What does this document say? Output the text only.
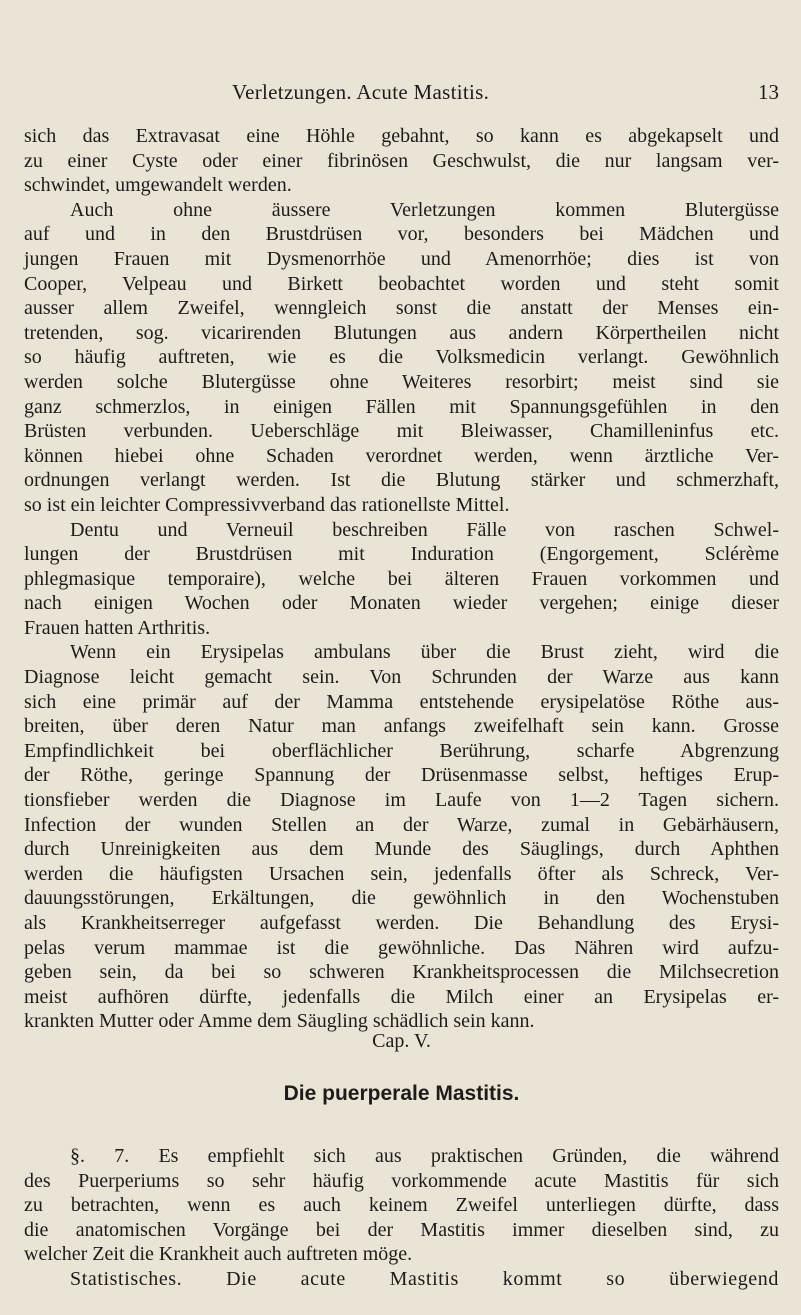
Verletzungen. Acute Mastitis.	13

sich das Extravasat eine Höhle gebahnt, so kann es abgekapselt und

zu einer Cyste oder einer fibrinösen Geschwulst, die nur langsam ver-

schwindet, umgewandelt werden.

Auch ohne äussere Verletzungen kommen Blutergüsse

auf und in den Brustdrüsen vor, besonders bei Mädchen und

jungen Frauen mit Dysmenorrhöe und Amenorrhöe; dies ist von

Cooper, Velpeau und Birkett beobachtet worden und steht somit

ausser allem Zweifel, wenngleich sonst die anstatt der Menses ein-

tretenden, sog. vicarirenden Blutungen aus andern Körpertheilen nicht

so häufig auftreten, wie es die Volksmedicin verlangt. Gewöhnlich

werden solche Blutergüsse ohne Weiteres resorbirt; meist sind sie

ganz schmerzlos, in einigen Fällen mit Spannungsgefühlen in den

Brüsten verbunden. Ueberschläge mit Bleiwasser, Chamilleninfus etc.

können hiebei ohne Schaden verordnet werden, wenn ärztliche Ver-

ordnungen verlangt werden. Ist die Blutung stärker und schmerzhaft,

so ist ein leichter Compressivverband das rationellste Mittel.

Dentu und Verneuil beschreiben Fälle von raschen Schwel-

lungen der Brustdrüsen mit Induration (Engorgement, Sclérème

phlegmasique temporaire), welche bei älteren Frauen vorkommen und

nach einigen Wochen oder Monaten wieder vergehen; einige dieser

Frauen hatten Arthritis.

Wenn ein Erysipelas ambulans über die Brust zieht, wird die

Diagnose leicht gemacht sein. Von Schrunden der Warze aus kann

sich eine primär auf der Mamma entstehende erysipelatöse Röthe aus-

breiten, über deren Natur man anfangs zweifelhaft sein kann. Grosse

Empfindlichkeit bei oberflächlicher Berührung, scharfe Abgrenzung

der Röthe, geringe Spannung der Drüsenmasse selbst, heftiges Erup-

tionsfieber werden die Diagnose im Laufe von 1—2 Tagen sichern.

Infection der wunden Stellen an der Warze, zumal in Gebärhäusern,

durch Unreinigkeiten aus dem Munde des Säuglings, durch Aphthen

werden die häufigsten Ursachen sein, jedenfalls öfter als Schreck, Ver-

dauungsstörungen, Erkältungen, die gewöhnlich in den Wochenstuben

als Krankheitserreger aufgefasst werden. Die Behandlung des Erysi-

pelas verum mammae ist die gewöhnliche. Das Nähren wird aufzu-

geben sein, da bei so schweren Krankheitsprocessen die Milchsecretion

meist aufhören dürfte, jedenfalls die Milch einer an Erysipelas er-

krankten Mutter oder Amme dem Säugling schädlich sein kann.

Cap. V.

Die puerperale Mastitis.

§. 7. Es empfiehlt sich aus praktischen Gründen, die während

des Puerperiums so sehr häufig vorkommende acute Mastitis für sich

zu betrachten, wenn es auch keinem Zweifel unterliegen dürfte, dass

die anatomischen Vorgänge bei der Mastitis immer dieselben sind, zu

welcher Zeit die Krankheit auch auftreten möge.

Statistisches. Die acute Mastitis kommt so überwiegend
